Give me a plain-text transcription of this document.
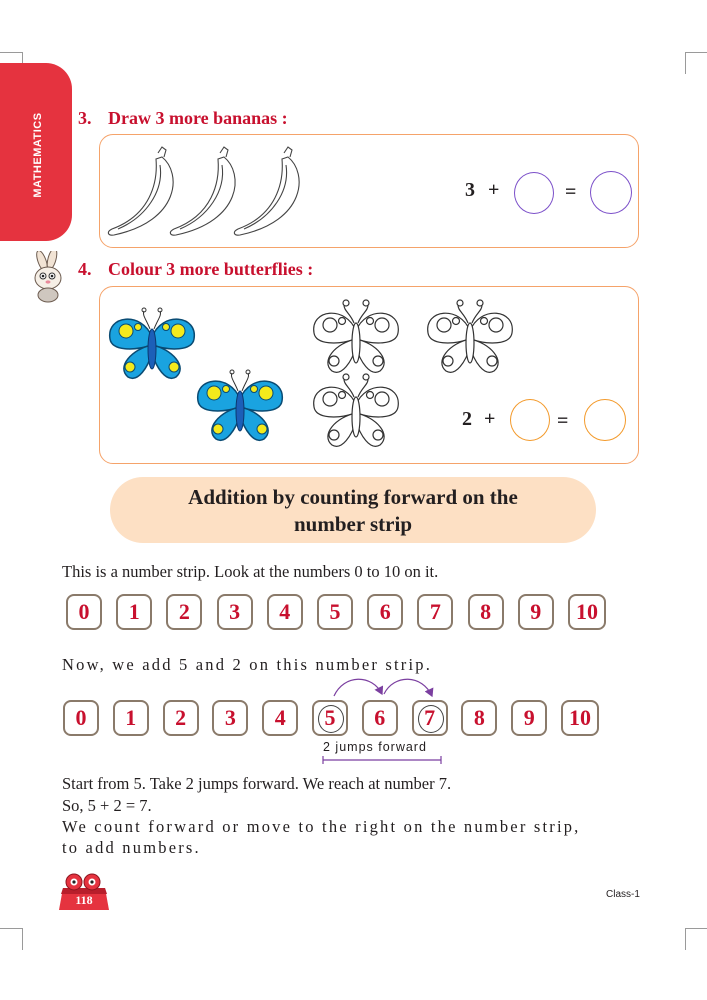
MATHEMATICS 3. Draw 3 more bananas :
3 +	=
4. Colour 3 more butterflies :
2 +	=
Addition by counting forward on the
number strip
This is a number strip. Look at the numbers 0 to 10 on it.
0	1	2	3	4	5	6	7	8	9	10
Now, we add 5 and 2 on this number strip.
0	1	2	3	4	5	6	7	8	9	10
2 jumps forward
Start from 5. Take 2 jumps forward. We reach at number 7.
So, 5 + 2 = 7.
We count forward or move to the right on the number strip,
to add numbers.
118	Class-1
